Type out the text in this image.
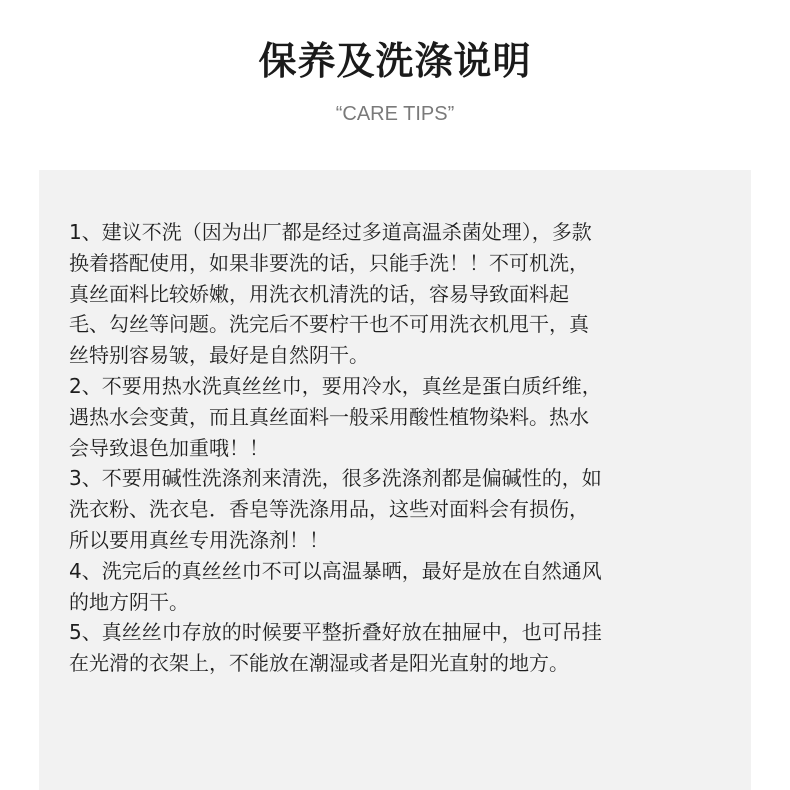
保养及洗涤说明
“CARE TIPS”
1、建议不洗（因为出厂都是经过多道高温杀菌处理），多款
换着搭配使用，如果非要洗的话，只能手洗！！不可机洗，
真丝面料比较娇嫩，用洗衣机清洗的话，容易导致面料起
毛、勾丝等问题。洗完后不要柠干也不可用洗衣机甩干，真
丝特别容易皱，最好是自然阴干。
2、不要用热水洗真丝丝巾，要用冷水，真丝是蛋白质纤维，
遇热水会变黄，而且真丝面料一般采用酸性植物染料。热水
会导致退色加重哦！！
3、不要用碱性洗涤剂来清洗，很多洗涤剂都是偏碱性的，如
洗衣粉、洗衣皂．香皂等洗涤用品，这些对面料会有损伤，
所以要用真丝专用洗涤剂！！
4、洗完后的真丝丝巾不可以高温暴晒，最好是放在自然通风
的地方阴干。
5、真丝丝巾存放的时候要平整折叠好放在抽屉中，也可吊挂
在光滑的衣架上，不能放在潮湿或者是阳光直射的地方。
